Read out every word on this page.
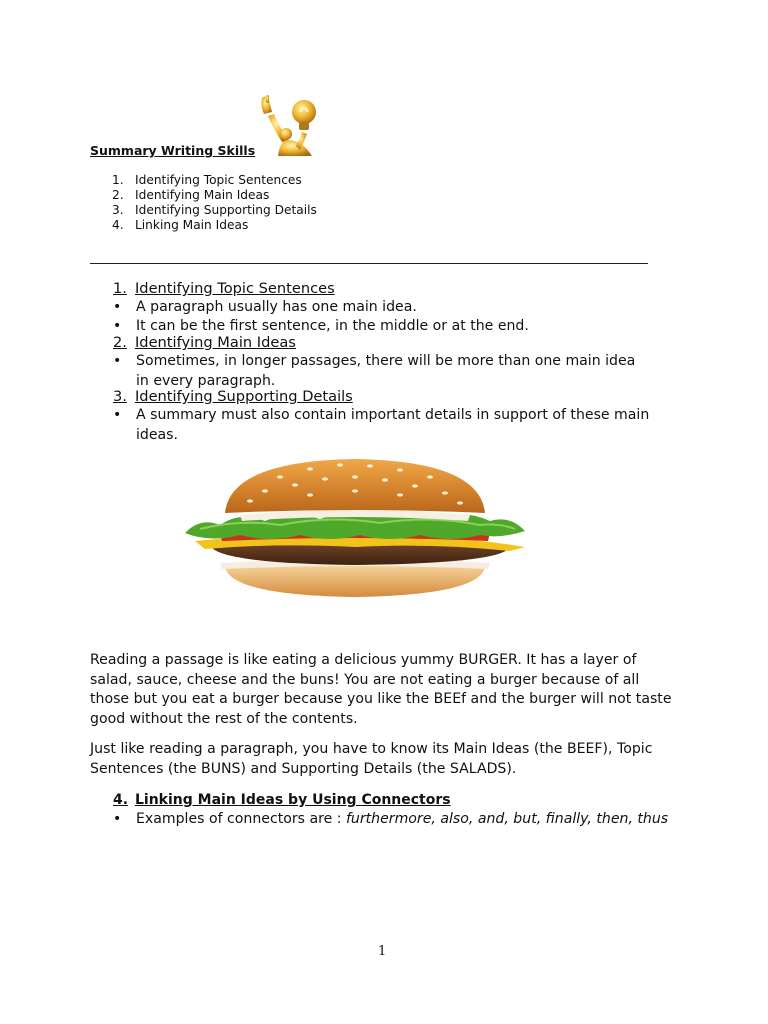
Summary Writing Skills
1. Identifying Topic Sentences
2. Identifying Main Ideas
3. Identifying Supporting Details
4. Linking Main Ideas
1. Identifying Topic Sentences
• A paragraph usually has one main idea.
• It can be the first sentence, in the middle or at the end.
2. Identifying Main Ideas
• Sometimes, in longer passages, there will be more than one main idea in every paragraph.
3. Identifying Supporting Details
• A summary must also contain important details in support of these main ideas.
Reading a passage is like eating a delicious yummy BURGER. It has a layer of salad, sauce, cheese and the buns! You are not eating a burger because of all those but you eat a burger because you like the BEEf and the burger will not taste good without the rest of the contents.
Just like reading a paragraph, you have to know its Main Ideas (the BEEF), Topic Sentences (the BUNS) and Supporting Details (the SALADS).
4. Linking Main Ideas by Using Connectors
• Examples of connectors are : furthermore, also, and, but, finally, then, thus
1
